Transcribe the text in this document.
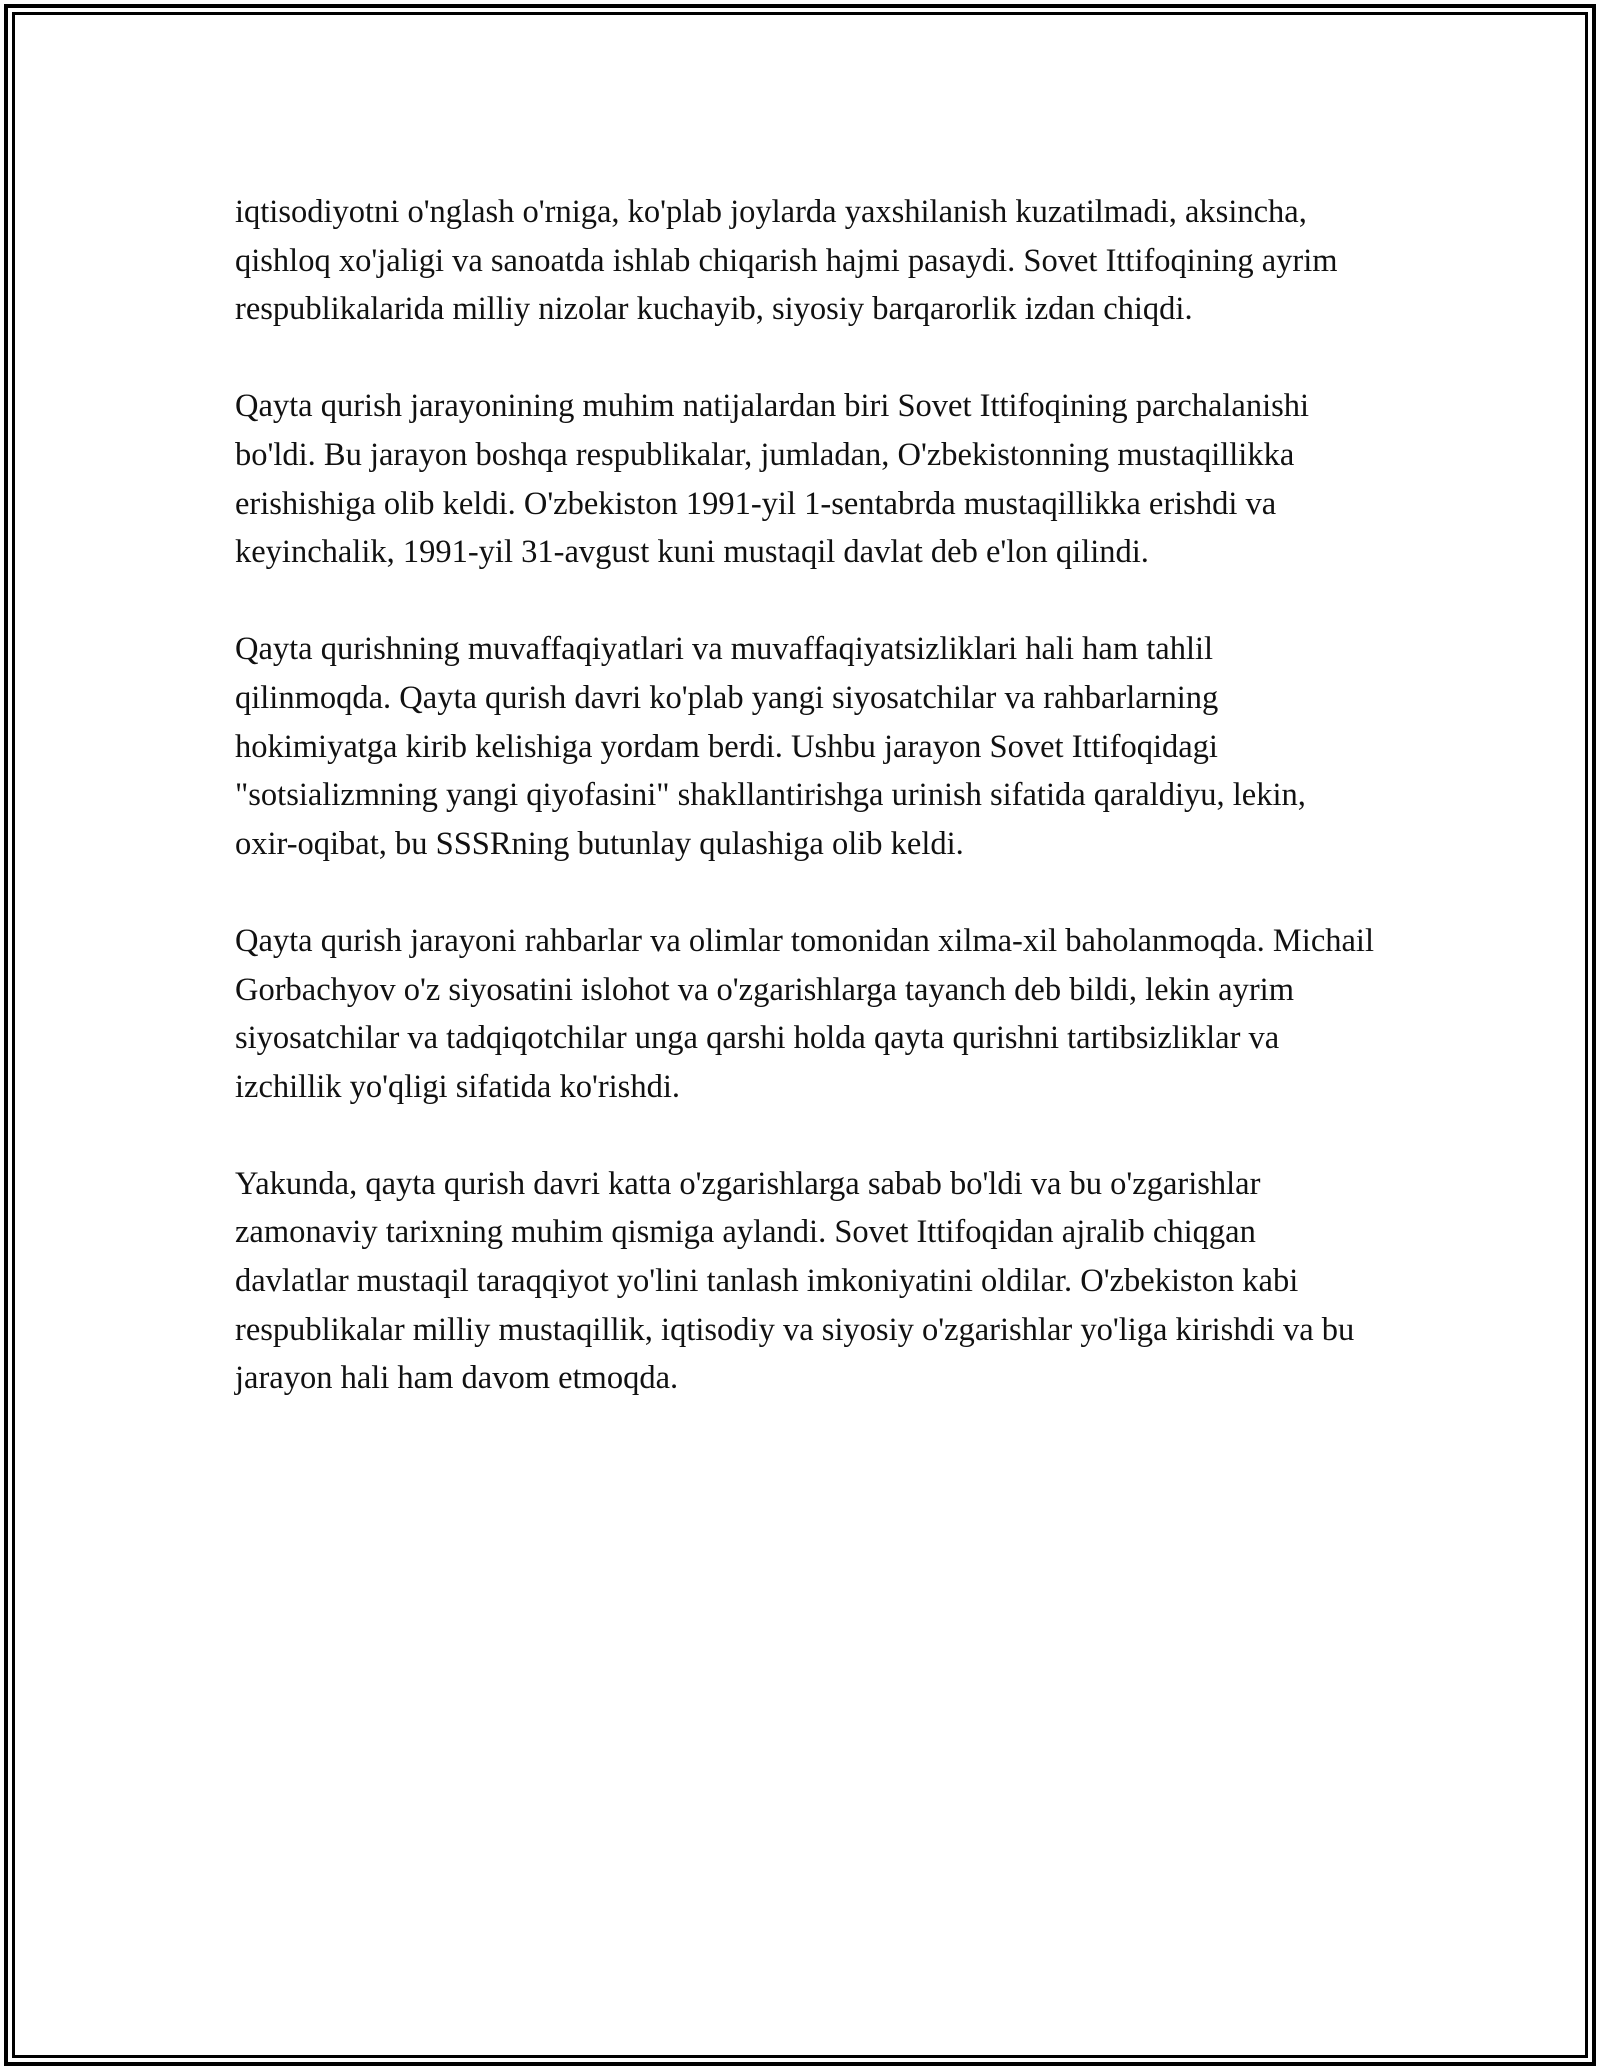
iqtisodiyotni o'nglash o'rniga, ko'plab joylarda yaxshilanish kuzatilmadi, aksincha, qishloq xo'jaligi va sanoatda ishlab chiqarish hajmi pasaydi. Sovet Ittifoqining ayrim respublikalarida milliy nizolar kuchayib, siyosiy barqarorlik izdan chiqdi.

Qayta qurish jarayonining muhim natijalardan biri Sovet Ittifoqining parchalanishi bo'ldi. Bu jarayon boshqa respublikalar, jumladan, O'zbekistonning mustaqillikka erishishiga olib keldi. O'zbekiston 1991-yil 1-sentabrda mustaqillikka erishdi va keyinchalik, 1991-yil 31-avgust kuni mustaqil davlat deb e'lon qilindi.

Qayta qurishning muvaffaqiyatlari va muvaffaqiyatsizliklari hali ham tahlil qilinmoqda. Qayta qurish davri ko'plab yangi siyosatchilar va rahbarlarning hokimiyatga kirib kelishiga yordam berdi. Ushbu jarayon Sovet Ittifoqidagi "sotsializmning yangi qiyofasini" shakllantirishga urinish sifatida qaraldiyu, lekin, oxir-oqibat, bu SSSRning butunlay qulashiga olib keldi.

Qayta qurish jarayoni rahbarlar va olimlar tomonidan xilma-xil baholanmoqda. Michail Gorbachyov o'z siyosatini islohot va o'zgarishlarga tayanch deb bildi, lekin ayrim siyosatchilar va tadqiqotchilar unga qarshi holda qayta qurishni tartibsizliklar va izchillik yo'qligi sifatida ko'rishdi.

Yakunda, qayta qurish davri katta o'zgarishlarga sabab bo'ldi va bu o'zgarishlar zamonaviy tarixning muhim qismiga aylandi. Sovet Ittifoqidan ajralib chiqgan davlatlar mustaqil taraqqiyot yo'lini tanlash imkoniyatini oldilar. O'zbekiston kabi respublikalar milliy mustaqillik, iqtisodiy va siyosiy o'zgarishlar yo'liga kirishdi va bu jarayon hali ham davom etmoqda.
